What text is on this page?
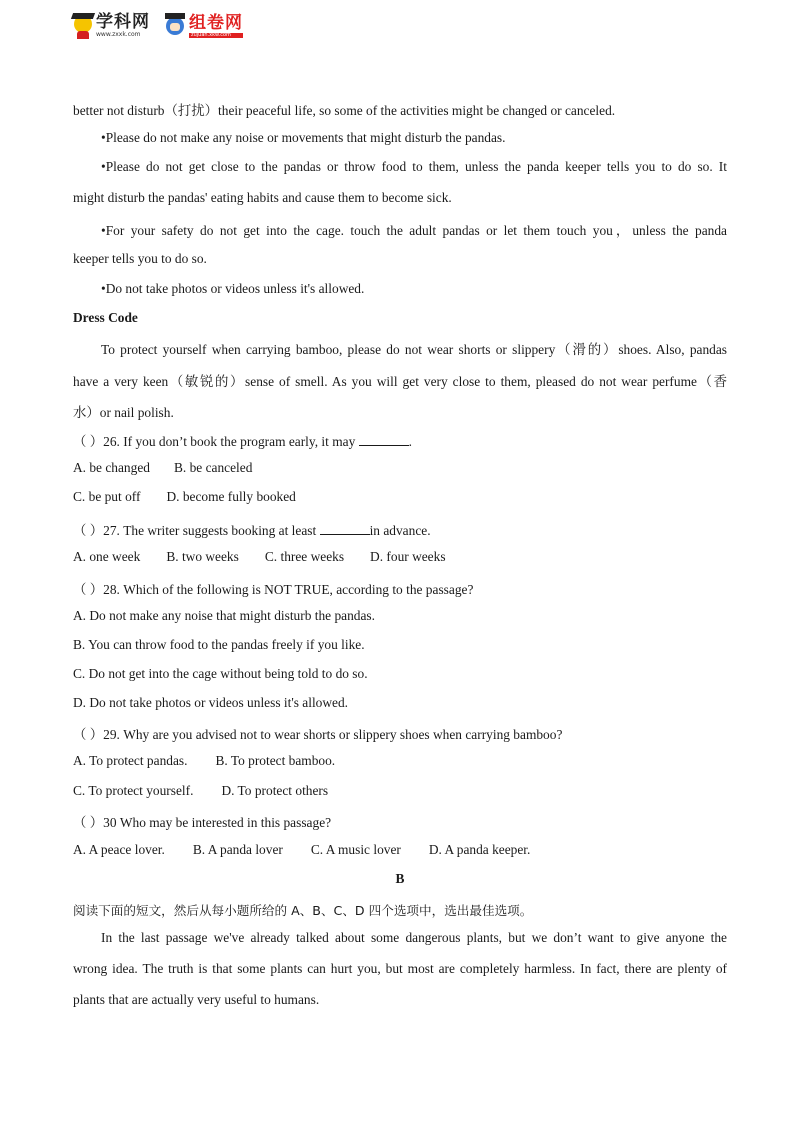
学科网
www.zxxk.com
组卷网
zujuan.xkw.com
better not disturb（打扰）their peaceful life, so some of the activities might be changed or canceled.
•Please do not make any noise or movements that might disturb the pandas.
•Please do not get close to the pandas or throw food to them, unless the panda keeper tells you to do so. It
might disturb the pandas' eating habits and cause them to become sick.
•For your safety do not get into the cage. touch the adult pandas or let them touch you，unless the panda
keeper tells you to do so.
•Do not take photos or videos unless it's allowed.
Dress Code
To protect yourself when carrying bamboo, please do not wear shorts or slippery（滑的）shoes. Also, pandas
have a very keen（敏锐的）sense of smell. As you will get very close to them, pleased do not wear perfume（香
水）or nail polish.
（ ）26. If you don’t book the program early, it may	.
A. be changed B. be canceled
C. be put off D. become fully booked
（ ）27. The writer suggests booking at least	in advance.
A. one week B. two weeks C. three weeks D. four weeks
（ ）28. Which of the following is NOT TRUE, according to the passage?
A. Do not make any noise that might disturb the pandas.
B. You can throw food to the pandas freely if you like.
C. Do not get into the cage without being told to do so.
D. Do not take photos or videos unless it's allowed.
（ ）29. Why are you advised not to wear shorts or slippery shoes when carrying bamboo?
A. To protect pandas. B. To protect bamboo.
C. To protect yourself. D. To protect others
（ ）30 Who may be interested in this passage?
A. A peace lover. B. A panda lover C. A music lover D. A panda keeper.
B
阅读下面的短文，然后从每小题所给的 A、B、C、D 四个选项中，选出最佳选项。
In the last passage we've already talked about some dangerous plants, but we don’t want to give anyone the
wrong idea. The truth is that some plants can hurt you, but most are completely harmless. In fact, there are plenty of
plants that are actually very useful to humans.
